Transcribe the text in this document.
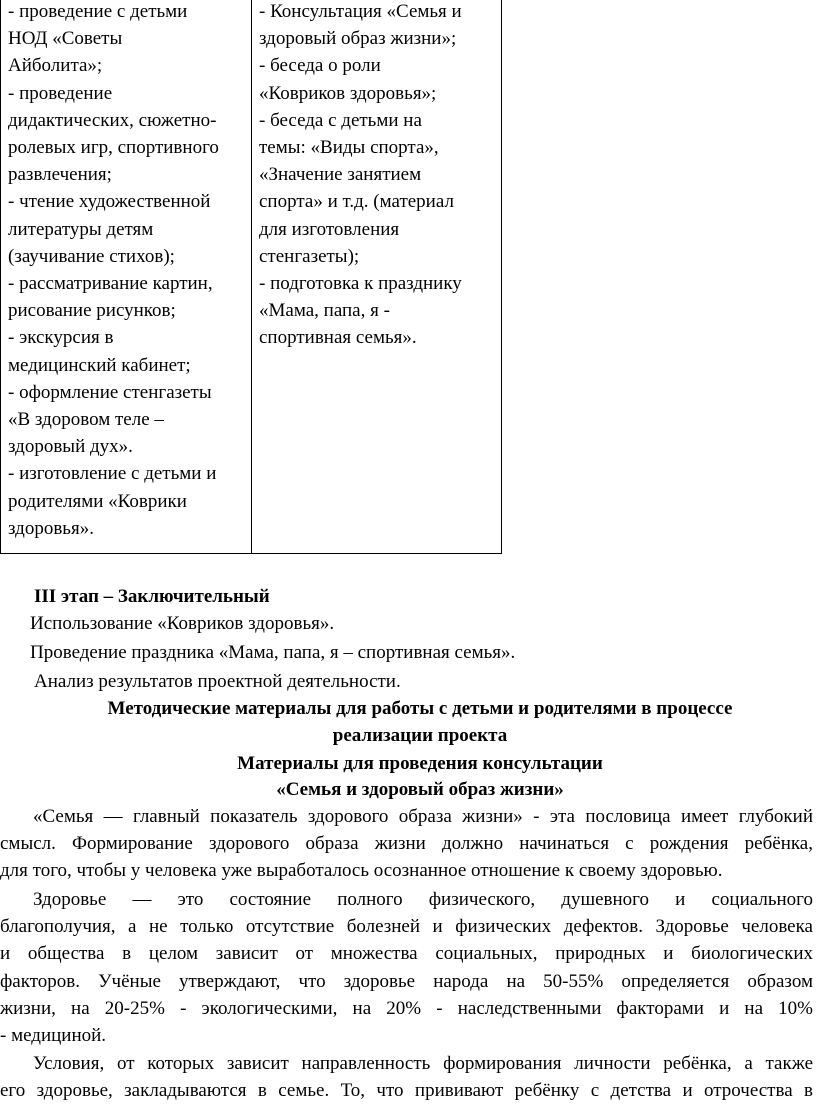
- проведение с детьми
НОД «Советы
Айболита»;
- проведение
дидактических, сюжетно-
ролевых игр, спортивного
развлечения;
- чтение художественной
литературы детям
(заучивание стихов);
- рассматривание картин,
рисование рисунков;
- экскурсия в
медицинский кабинет;
- оформление стенгазеты
«В здоровом теле –
здоровый дух».
- изготовление с детьми и
родителями «Коврики
здоровья».
- Консультация «Семья и
здоровый образ жизни»;
- беседа о роли
«Ковриков здоровья»;
- беседа с детьми на
темы: «Виды спорта»,
«Значение занятием
спорта» и т.д. (материал
для изготовления
стенгазеты);
- подготовка к празднику
«Мама, папа, я -
спортивная семья».
III этап – Заключительный
Использование «Ковриков здоровья».
Проведение праздника «Мама, папа, я – спортивная семья».
Анализ результатов проектной деятельности.
Методические материалы для работы с детьми и родителями в процессе
реализации проекта
Материалы для проведения консультации
«Семья и здоровый образ жизни»
«Семья — главный показатель здорового образа жизни» - эта пословица имеет глубокий
смысл. Формирование здорового образа жизни должно начинаться с рождения ребёнка,
для того, чтобы у человека уже выработалось осознанное отношение к своему здоровью.
Здоровье — это состояние полного физического, душевного и социального
благополучия, а не только отсутствие болезней и физических дефектов. Здоровье человека
и общества в целом зависит от множества социальных, природных и биологических
факторов. Учёные утверждают, что здоровье народа на 50-55% определяется образом
жизни, на 20-25% - экологическими, на 20% - наследственными факторами и на 10%
- медициной.
Условия, от которых зависит направленность формирования личности ребёнка, а также
его здоровье, закладываются в семье. То, что прививают ребёнку с детства и отрочества в
